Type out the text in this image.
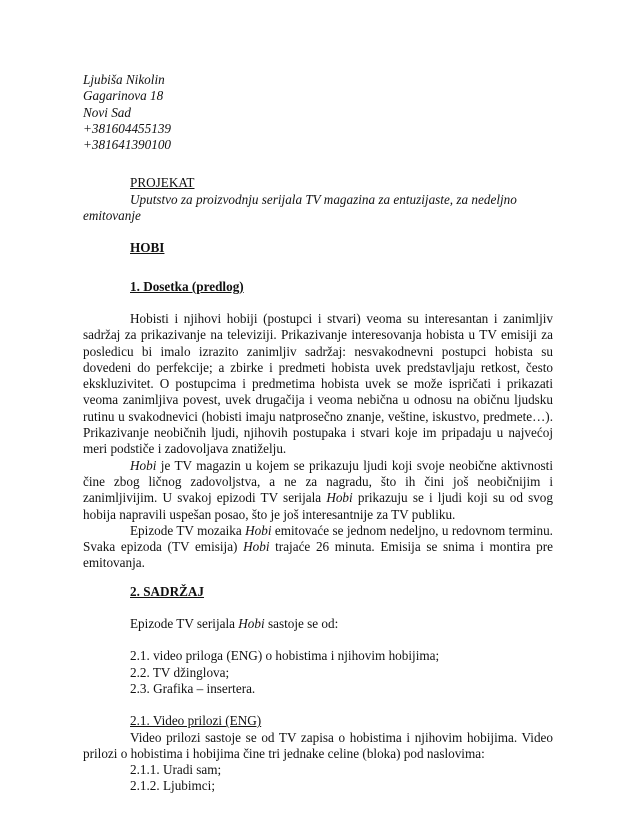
Ljubiša Nikolin

Gagarinova 18

Novi Sad

+381604455139

+381641390100

PROJEKAT

Uputstvo za proizvodnju serijala TV magazina za entuzijaste, za nedeljno emitovanje

HOBI

1. Dosetka (predlog)

Hobisti i njihovi hobiji (postupci i stvari) veoma su interesantan i zanimljiv sadržaj za prikazivanje na televiziji. Prikazivanje interesovanja hobista u TV emisiji za posledicu bi imalo izrazito zanimljiv sadržaj: nesvakodnevni postupci hobista su dovedeni do perfekcije; a zbirke i predmeti hobista uvek predstavljaju retkost, često ekskluzivitet. O postupcima i predmetima hobista uvek se može ispričati i prikazati veoma zanimljiva povest, uvek drugačija i veoma nebična u odnosu na običnu ljudsku rutinu u svakodnevici (hobisti imaju natprosečno znanje, veštine, iskustvo, predmete…). Prikazivanje neobičnih ljudi, njihovih postupaka i stvari koje im pripadaju u najvećoj meri podstiče i zadovoljava znatiželju.

Hobi je TV magazin u kojem se prikazuju ljudi koji svoje neobične aktivnosti čine zbog ličnog zadovoljstva, a ne za nagradu, što ih čini još neobičnijim i zanimljivijim. U svakoj epizodi TV serijala Hobi prikazuju se i ljudi koji su od svog hobija napravili uspešan posao, što je još interesantnije za TV publiku.

Epizode TV mozaika Hobi emitovaće se jednom nedeljno, u redovnom terminu. Svaka epizoda (TV emisija) Hobi trajaće 26 minuta. Emisija se snima i montira pre emitovanja.

2. SADRŽAJ

Epizode TV serijala Hobi sastoje se od:

2.1. video priloga (ENG) o hobistima i njihovim hobijima;

2.2. TV džinglova;

2.3. Grafika – insertera.

2.1. Video prilozi (ENG)

Video prilozi sastoje se od TV zapisa o hobistima i njihovim hobijima. Video prilozi o hobistima i hobijima čine tri jednake celine (bloka) pod naslovima:

2.1.1. Uradi sam;

2.1.2. Ljubimci;
